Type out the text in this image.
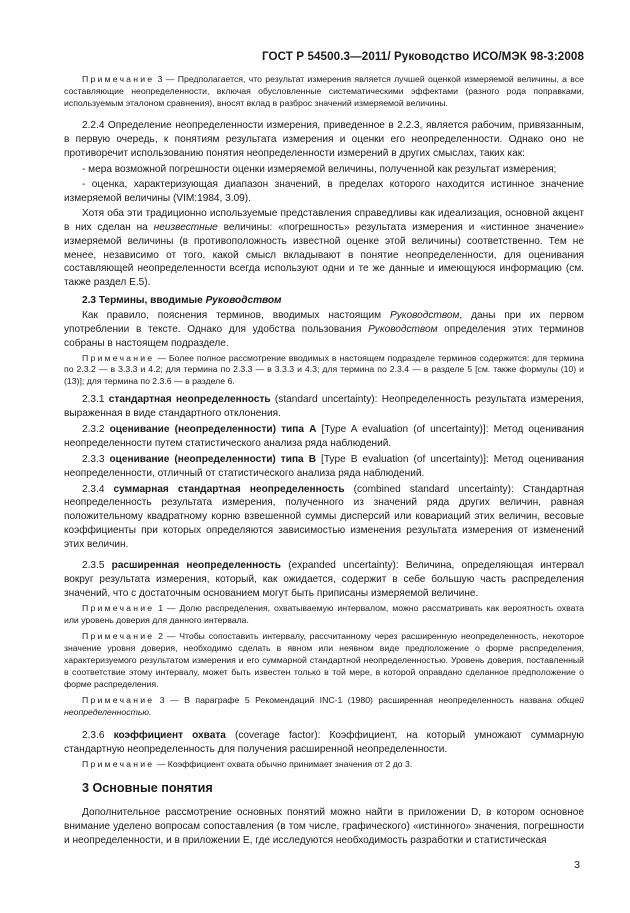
ГОСТ Р 54500.3—2011/ Руководство ИСО/МЭК 98-3:2008

Примечание 3 — Предполагается, что результат измерения является лучшей оценкой измеряемой величины, а все составляющие неопределенности, включая обусловленные систематическими эффектами (разного рода поправками, используемым эталоном сравнения), вносят вклад в разброс значений измеряемой величины.

2.2.4 Определение неопределенности измерения, приведенное в 2.2.3, является рабочим, привязанным, в первую очередь, к понятиям результата измерения и оценки его неопределенности. Однако оно не противоречит использованию понятия неопределенности измерений в других смыслах, таких как:

- мера возможной погрешности оценки измеряемой величины, полученной как результат измерения;

- оценка, характеризующая диапазон значений, в пределах которого находится истинное значение измеряемой величины (VIM:1984, 3.09).

Хотя оба эти традиционно используемые представления справедливы как идеализация, основной акцент в них сделан на неизвестные величины: «погрешность» результата измерения и «истинное значение» измеряемой величины (в противоположность известной оценке этой величины) соответственно. Тем не менее, независимо от того, какой смысл вкладывают в понятие неопределенности, для оценивания составляющей неопределенности всегда используют одни и те же данные и имеющуюся информацию (см. также раздел Е.5).

2.3 Термины, вводимые Руководством

Как правило, пояснения терминов, вводимых настоящим Руководством, даны при их первом употреблении в тексте. Однако для удобства пользования Руководством определения этих терминов собраны в настоящем подразделе.

Примечание — Более полное рассмотрение вводимых в настоящем подразделе терминов содержится: для термина по 2.3.2 — в 3.3.3 и 4.2; для термина по 2.3.3 — в 3.3.3 и 4.3; для термина по 2.3.4 — в разделе 5 [см. также формулы (10) и (13)]; для термина по 2.3.6 — в разделе 6.

2.3.1 стандартная неопределенность (standard uncertainty): Неопределенность результата измерения, выраженная в виде стандартного отклонения.

2.3.2 оценивание (неопределенности) типа А [Type A evaluation (of uncertainty)]: Метод оценивания неопределенности путем статистического анализа ряда наблюдений.

2.3.3 оценивание (неопределенности) типа В [Type B evaluation (of uncertainty)]: Метод оценивания неопределенности, отличный от статистического анализа ряда наблюдений.

2.3.4 суммарная стандартная неопределенность (combined standard uncertainty): Стандартная неопределенность результата измерения, полученного из значений ряда других величин, равная положительному квадратному корню взвешенной суммы дисперсий или ковариаций этих величин, весовые коэффициенты при которых определяются зависимостью изменения результата измерения от изменений этих величин.

2.3.5 расширенная неопределенность (expanded uncertainty): Величина, определяющая интервал вокруг результата измерения, который, как ожидается, содержит в себе большую часть распределения значений, что с достаточным основанием могут быть приписаны измеряемой величине.

Примечание 1 — Долю распределения, охватываемую интервалом, можно рассматривать как вероятность охвата или уровень доверия для данного интервала.

Примечание 2 — Чтобы сопоставить интервалу, рассчитанному через расширенную неопределенность, некоторое значение уровня доверия, необходимо сделать в явном или неявном виде предположение о форме распределения, характеризуемого результатом измерения и его суммарной стандартной неопределенностью. Уровень доверия, поставленный в соответствие этому интервалу, может быть известен только в той мере, в которой оправдано сделанное предположение о форме распределения.

Примечание 3 — В параграфе 5 Рекомендаций INC-1 (1980) расширенная неопределенность названа общей неопределенностью.

2.3.6 коэффициент охвата (coverage factor): Коэффициент, на который умножают суммарную стандартную неопределенность для получения расширенной неопределенности.

Примечание — Коэффициент охвата обычно принимает значения от 2 до 3.

3 Основные понятия

Дополнительное рассмотрение основных понятий можно найти в приложении D, в котором основное внимание уделено вопросам сопоставления (в том числе, графического) «истинного» значения, погрешности и неопределенности, и в приложении Е, где исследуются необходимость разработки и статистическая

3
